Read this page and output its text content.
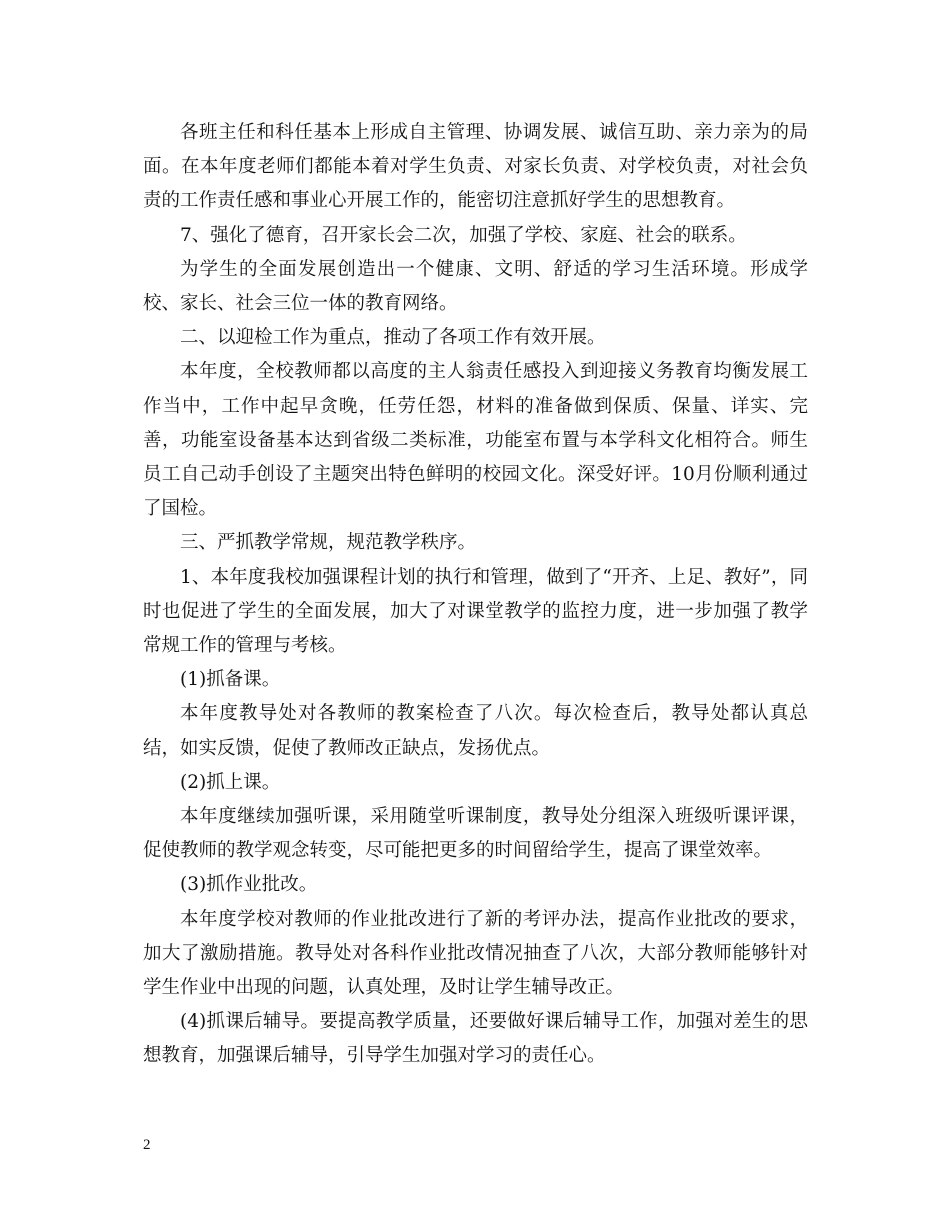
各班主任和科任基本上形成自主管理、协调发展、诚信互助、亲力亲为的局面。在本年度老师们都能本着对学生负责、对家长负责、对学校负责，对社会负责的工作责任感和事业心开展工作的，能密切注意抓好学生的思想教育。

7、强化了德育，召开家长会二次，加强了学校、家庭、社会的联系。

为学生的全面发展创造出一个健康、文明、舒适的学习生活环境。形成学校、家长、社会三位一体的教育网络。

二、以迎检工作为重点，推动了各项工作有效开展。

本年度，全校教师都以高度的主人翁责任感投入到迎接义务教育均衡发展工作当中，工作中起早贪晚，任劳任怨，材料的准备做到保质、保量、详实、完善，功能室设备基本达到省级二类标准，功能室布置与本学科文化相符合。师生员工自己动手创设了主题突出特色鲜明的校园文化。深受好评。10月份顺利通过了国检。

三、严抓教学常规，规范教学秩序。

1、本年度我校加强课程计划的执行和管理，做到了“开齐、上足、教好”，同时也促进了学生的全面发展，加大了对课堂教学的监控力度，进一步加强了教学常规工作的管理与考核。

(1)抓备课。

本年度教导处对各教师的教案检查了八次。每次检查后，教导处都认真总结，如实反馈，促使了教师改正缺点，发扬优点。

(2)抓上课。

本年度继续加强听课，采用随堂听课制度，教导处分组深入班级听课评课，促使教师的教学观念转变，尽可能把更多的时间留给学生，提高了课堂效率。

(3)抓作业批改。

本年度学校对教师的作业批改进行了新的考评办法，提高作业批改的要求，加大了激励措施。教导处对各科作业批改情况抽查了八次，大部分教师能够针对学生作业中出现的问题，认真处理，及时让学生辅导改正。

(4)抓课后辅导。要提高教学质量，还要做好课后辅导工作，加强对差生的思想教育，加强课后辅导，引导学生加强对学习的责任心。

2
